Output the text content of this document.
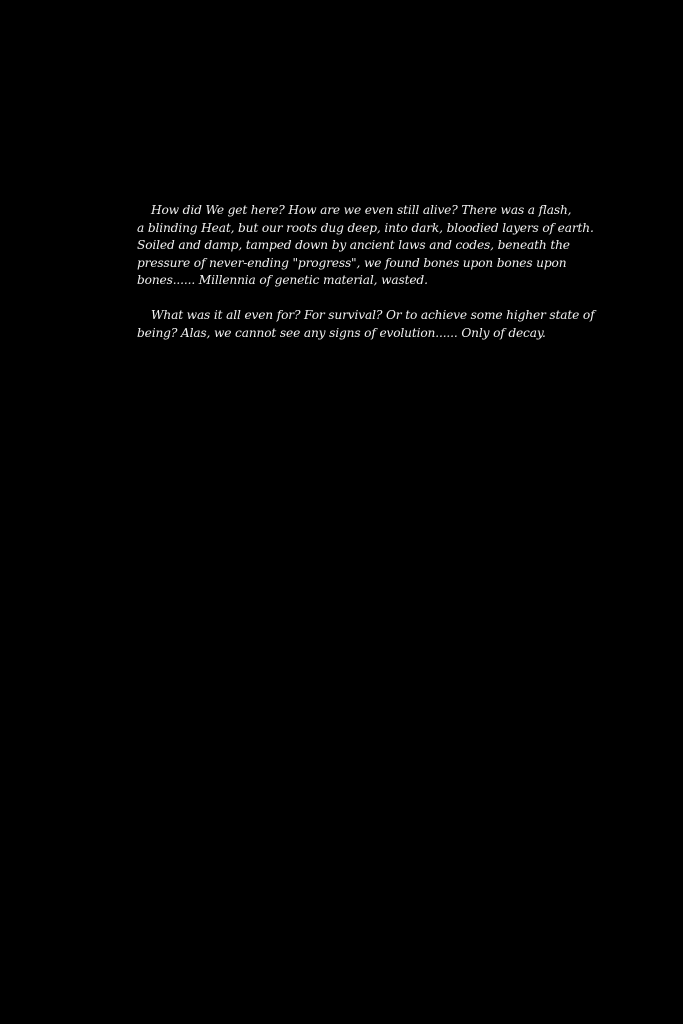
How did We get here? How are we even still alive? There was a flash,
a blinding Heat, but our roots dug deep, into dark, bloodied layers of earth.
Soiled and damp, tamped down by ancient laws and codes, beneath the
pressure of never-ending "progress", we found bones upon bones upon
bones...... Millennia of genetic material, wasted.

What was it all even for? For survival? Or to achieve some higher state of
being? Alas, we cannot see any signs of evolution...... Only of decay.
